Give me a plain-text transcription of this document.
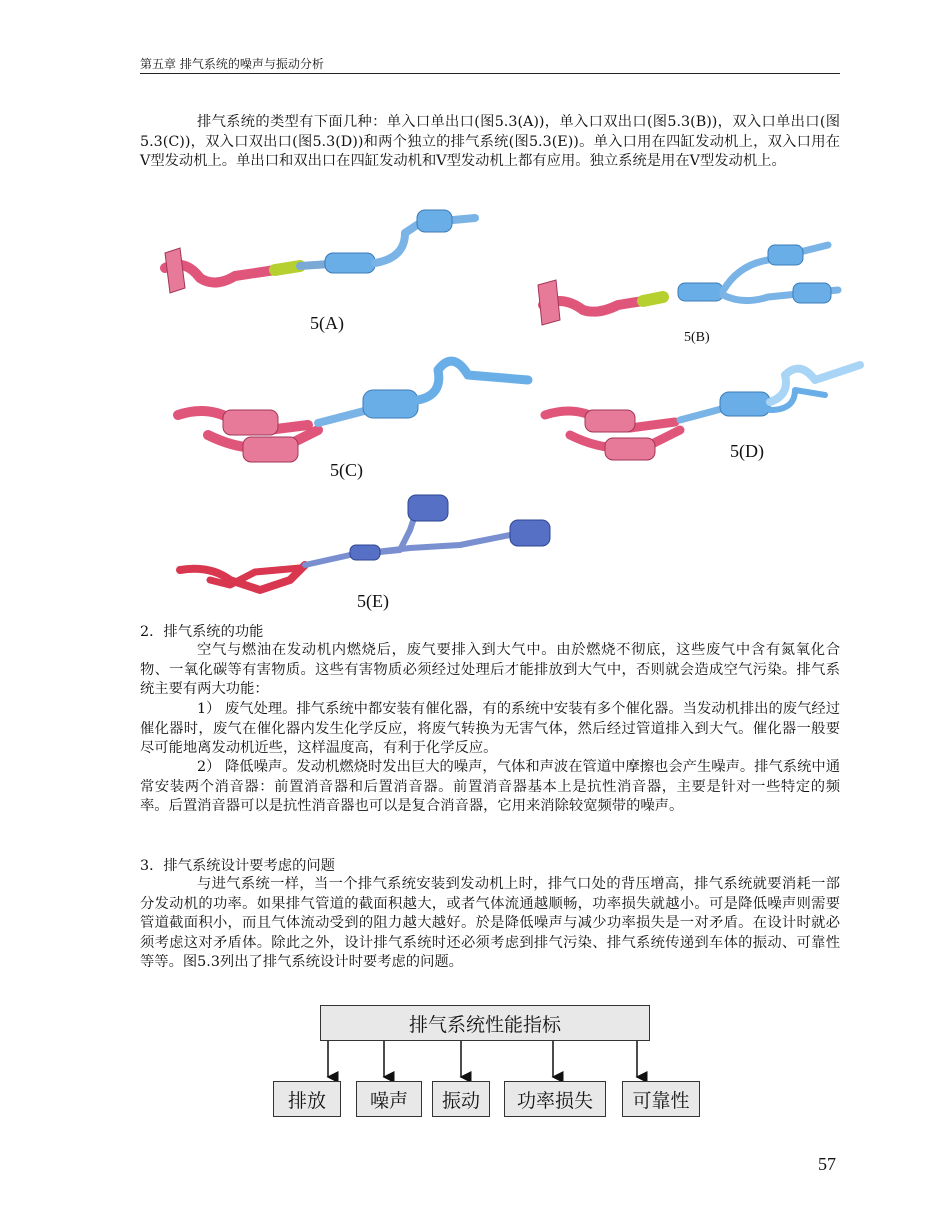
第五章 排气系统的噪声与振动分析

排气系统的类型有下面几种：单入口单出口(图5.3(A))，单入口双出口(图5.3(B))，双入口单出口(图5.3(C))，双入口双出口(图5.3(D))和两个独立的排气系统(图5.3(E))。单入口用在四缸发动机上，双入口用在V型发动机上。单出口和双出口在四缸发动机和V型发动机上都有应用。独立系统是用在V型发动机上。

5(A)
5(B)
5(C)
5(D)
5(E)

2．排气系统的功能

空气与燃油在发动机内燃烧后，废气要排入到大气中。由於燃烧不彻底，这些废气中含有氮氧化合物、一氧化碳等有害物质。这些有害物质必须经过处理后才能排放到大气中，否则就会造成空气污染。排气系统主要有两大功能：

1） 废气处理。排气系统中都安装有催化器，有的系统中安装有多个催化器。当发动机排出的废气经过催化器时，废气在催化器内发生化学反应，将废气转换为无害气体，然后经过管道排入到大气。催化器一般要尽可能地离发动机近些，这样温度高，有利于化学反应。

2） 降低噪声。发动机燃烧时发出巨大的噪声，气体和声波在管道中摩擦也会产生噪声。排气系统中通常安装两个消音器：前置消音器和后置消音器。前置消音器基本上是抗性消音器，主要是针对一些特定的频率。后置消音器可以是抗性消音器也可以是复合消音器，它用来消除较宽频带的噪声。

3．排气系统设计要考虑的问题

与进气系统一样，当一个排气系统安装到发动机上时，排气口处的背压增高，排气系统就要消耗一部分发动机的功率。如果排气管道的截面积越大，或者气体流通越顺畅，功率损失就越小。可是降低噪声则需要管道截面积小，而且气体流动受到的阻力越大越好。於是降低噪声与减少功率损失是一对矛盾。在设计时就必须考虑这对矛盾体。除此之外，设计排气系统时还必须考虑到排气污染、排气系统传递到车体的振动、可靠性等等。图5.3列出了排气系统设计时要考虑的问题。

排气系统性能指标
排放	噪声	振动	功率损失	可靠性
57
